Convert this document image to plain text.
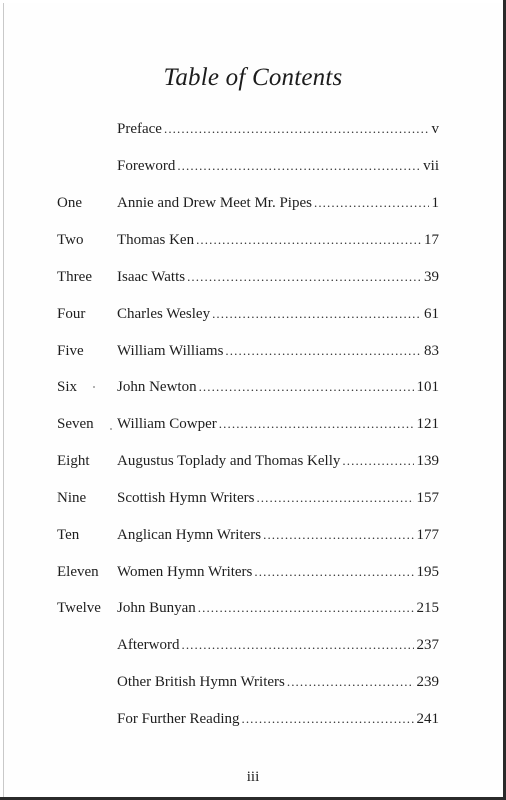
Table of Contents
Preface .....	v
Foreword .....	vii
One Annie and Drew Meet Mr. Pipes .....	1
Two Thomas Ken .....	17
Three Isaac Watts .....	39
Four Charles Wesley .....	61
Five William Williams .....	83
Six	John Newton .....	101
Seven William Cowper .....	121
Eight Augustus Toplady and Thomas Kelly .....	139
Nine Scottish Hymn Writers .....	157
Ten	Anglican Hymn Writers .....	177
Eleven Women Hymn Writers .....	195
Twelve John Bunyan .....	215
Afterword .....	237
Other British Hymn Writers .....	239
For Further Reading .....	241
iii
